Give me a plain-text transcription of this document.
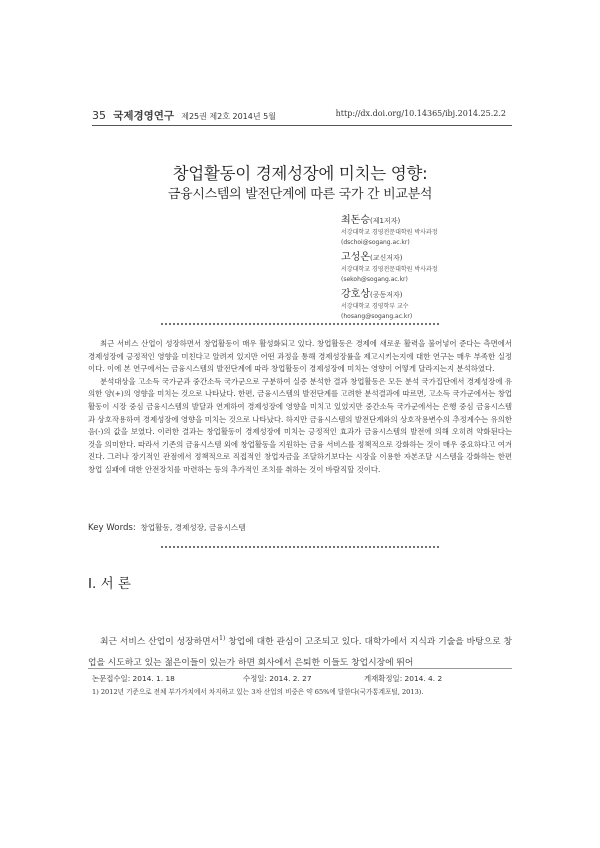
35 국제경영연구 제25권 제2호 2014년 5월	http://dx.doi.org/10.14365/ibj.2014.25.2.2
창업활동이 경제성장에 미치는 영향:
금융시스템의 발전단계에 따른 국가 간 비교분석
최돈승(제1저자)
서강대학교 경영전문대학원 박사과정
(dschoi@sogang.ac.kr)
고성온(교신저자)
서강대학교 경영전문대학원 박사과정
(sekoh@sogang.ac.kr)
강호상(공동저자)
서강대학교 경영학부 교수
(hosang@sogang.ac.kr)

최근 서비스 산업이 성장하면서 창업활동이 매우 활성화되고 있다. 창업활동은 경제에 새로운 활력을 불어넣어 준다는 측면에서 경제성장에 긍정적인 영향을 미친다고 알려져 있지만 어떤 과정을 통해 경제성장률을 제고시키는지에 대한 연구는 매우 부족한 실정이다. 이에 본 연구에서는 금융시스템의 발전단계에 따라 창업활동이 경제성장에 미치는 영향이 어떻게 달라지는지 분석하였다.

분석대상을 고소득 국가군과 중간소득 국가군으로 구분하여 실증 분석한 결과 창업활동은 모든 분석 국가집단에서 경제성장에 유의한 양(+)의 영향을 미치는 것으로 나타났다. 한편, 금융시스템의 발전단계를 고려한 분석결과에 따르면, 고소득 국가군에서는 창업활동이 시장 중심 금융시스템의 발달과 연계하여 경제성장에 영향을 미치고 있었지만 중간소득 국가군에서는 은행 중심 금융시스템과 상호작용하여 경제성장에 영향을 미치는 것으로 나타났다. 하지만 금융시스템의 발전단계와의 상호작용변수의 추정계수는 유의한 음(-)의 값을 보였다. 이러한 결과는 창업활동이 경제성장에 미치는 긍정적인 효과가 금융시스템의 발전에 의해 오히려 약화된다는 것을 의미한다. 따라서 기존의 금융시스템 외에 창업활동을 지원하는 금융 서비스를 정책적으로 강화하는 것이 매우 중요하다고 여겨진다. 그러나 장기적인 관점에서 정책적으로 직접적인 창업자금을 조달하기보다는 시장을 이용한 자본조달 시스템을 강화하는 한편 창업 실패에 대한 안전장치를 마련하는 등의 추가적인 조치를 취하는 것이 바람직할 것이다.

Key Words: 창업활동, 경제성장, 금융시스템
Ⅰ. 서 론

최근 서비스 산업이 성장하면서$^{1)}$ 창업에 대한 관심이 고조되고 있다. 대학가에서 지식과 기술을 바탕으로 창업을 시도하고 있는 젊은이들이 있는가 하면 회사에서 은퇴한 이들도 창업시장에 뛰어

논문접수일: 2014. 1. 18	수정일: 2014. 2. 27	게재확정일: 2014. 4. 2
1) 2012년 기준으로 전체 부가가치에서 차지하고 있는 3차 산업의 비중은 약 65%에 달한다(국가통계포털, 2013).
